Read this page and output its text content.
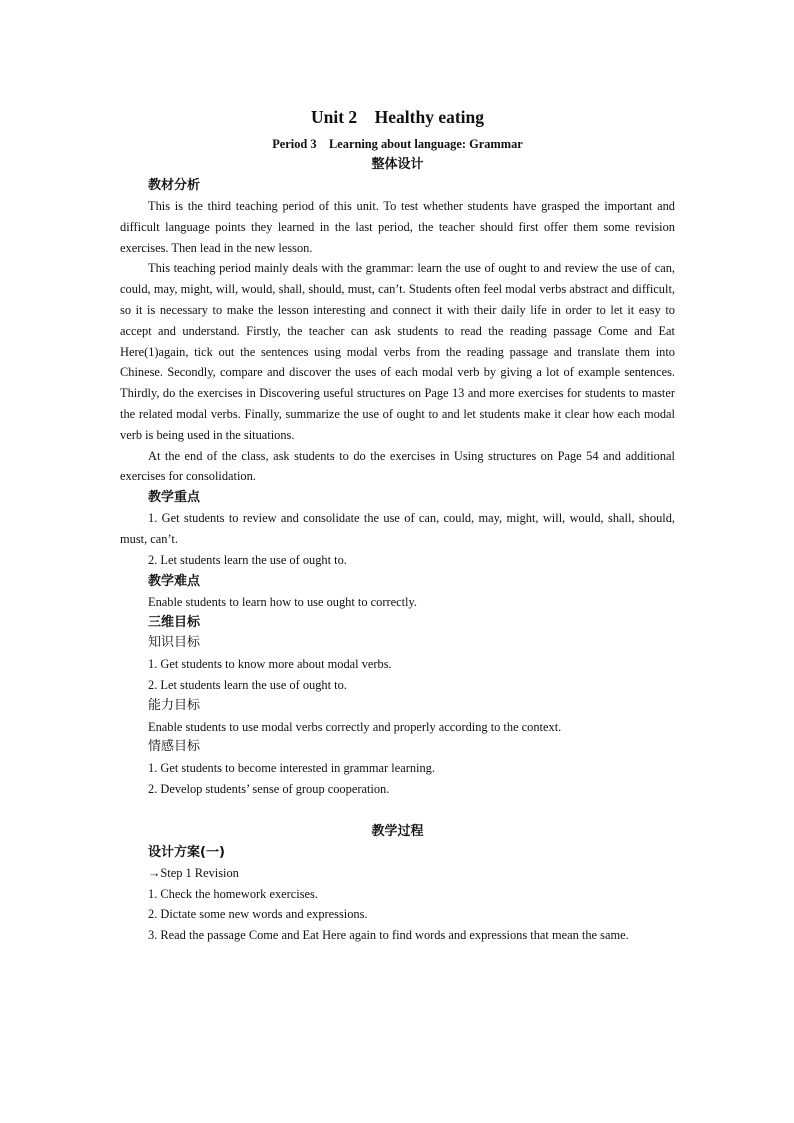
Unit 2    Healthy eating
Period 3    Learning about language: Grammar
整体设计
教材分析

This is the third teaching period of this unit. To test whether students have grasped the important and difficult language points they learned in the last period, the teacher should first offer them some revision exercises. Then lead in the new lesson.

This teaching period mainly deals with the grammar: learn the use of ought to and review the use of can, could, may, might, will, would, shall, should, must, can’t. Students often feel modal verbs abstract and difficult, so it is necessary to make the lesson interesting and connect it with their daily life in order to let it easy to accept and understand. Firstly, the teacher can ask students to read the reading passage Come and Eat Here(1)again, tick out the sentences using modal verbs from the reading passage and translate them into Chinese. Secondly, compare and discover the uses of each modal verb by giving a lot of example sentences. Thirdly, do the exercises in Discovering useful structures on Page 13 and more exercises for students to master the related modal verbs. Finally, summarize the use of ought to and let students make it clear how each modal verb is being used in the situations.

At the end of the class, ask students to do the exercises in Using structures on Page 54 and additional exercises for consolidation.

教学重点

1. Get students to review and consolidate the use of can, could, may, might, will, would, shall, should, must, can’t.

2. Let students learn the use of ought to.

教学难点

Enable students to learn how to use ought to correctly.

三维目标
知识目标

1. Get students to know more about modal verbs.

2. Let students learn the use of ought to.

能力目标

Enable students to use modal verbs correctly and properly according to the context.

情感目标

1. Get students to become interested in grammar learning.

2. Develop students’ sense of group cooperation.

教学过程
设计方案(一)

→Step 1 Revision

1. Check the homework exercises.

2. Dictate some new words and expressions.

3. Read the passage Come and Eat Here again to find words and expressions that mean the same.
